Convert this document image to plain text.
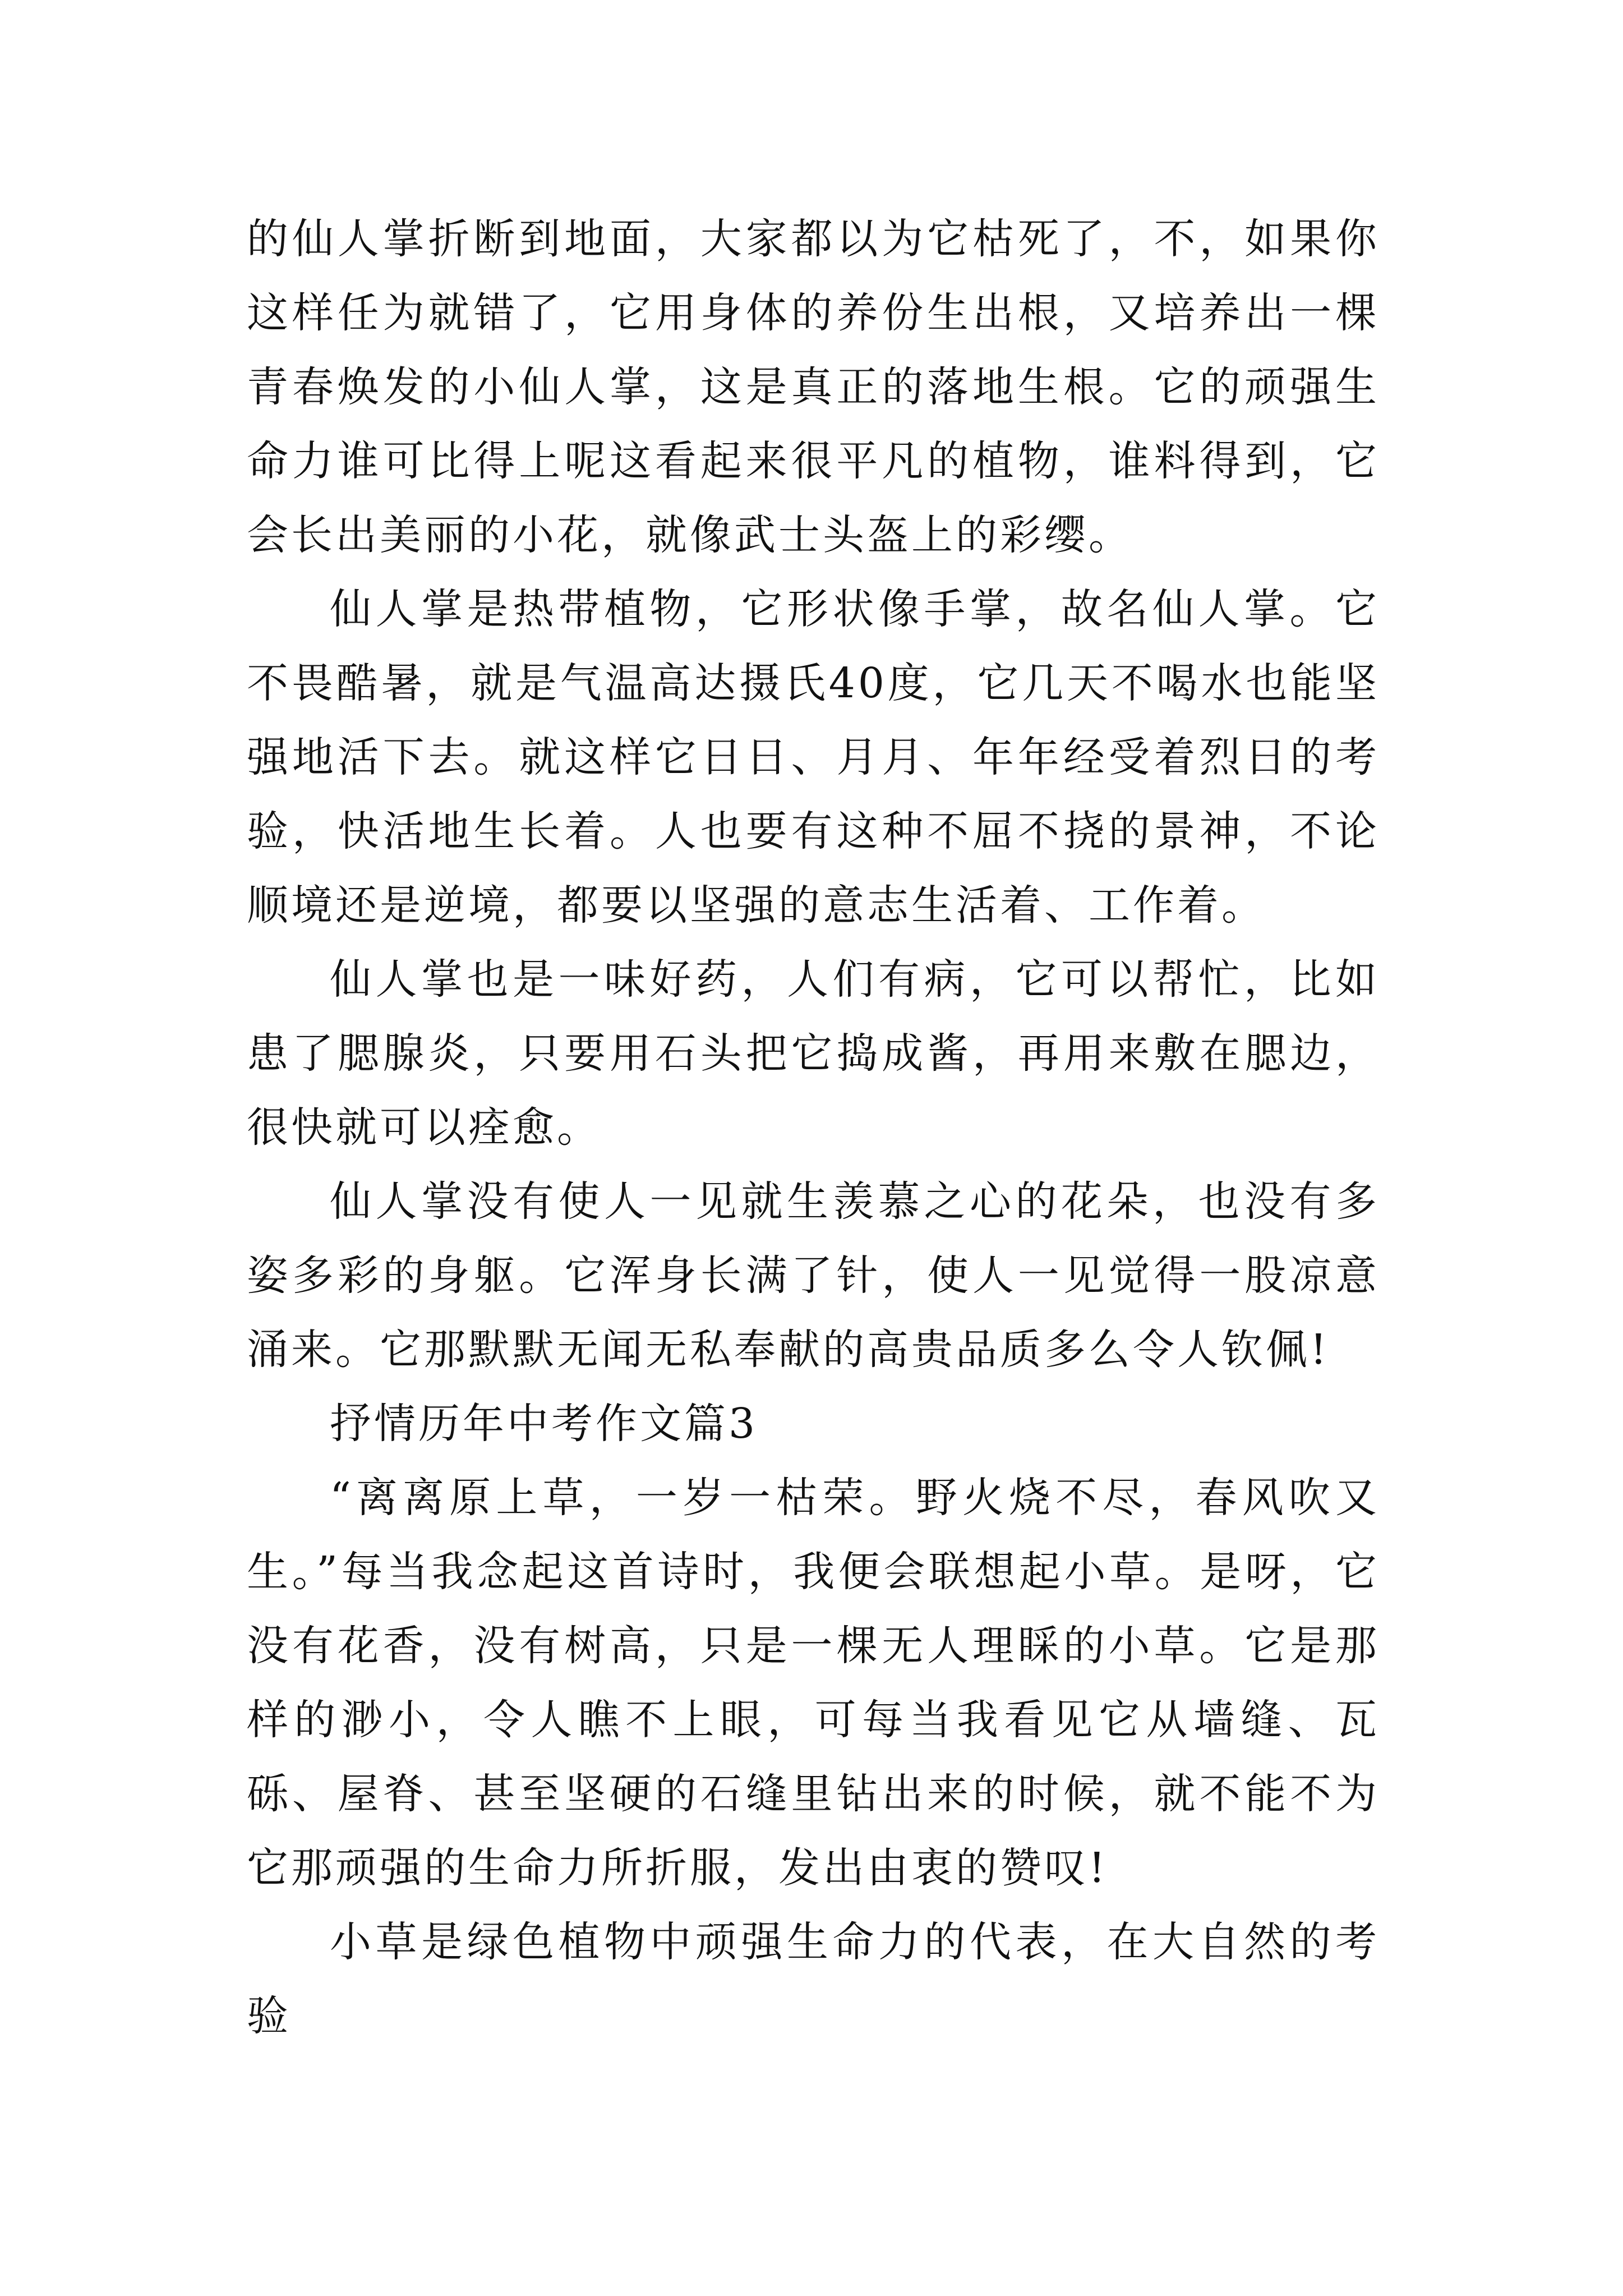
的仙人掌折断到地面，大家都以为它枯死了，不，如果你这样任为就错了，它用身体的养份生出根，又培养出一棵青春焕发的小仙人掌，这是真正的落地生根。它的顽强生命力谁可比得上呢这看起来很平凡的植物，谁料得到，它会长出美丽的小花，就像武士头盔上的彩缨。

仙人掌是热带植物，它形状像手掌，故名仙人掌。它不畏酷暑，就是气温高达摄氏40度，它几天不喝水也能坚强地活下去。就这样它日日、月月、年年经受着烈日的考验，快活地生长着。人也要有这种不屈不挠的景神，不论顺境还是逆境，都要以坚强的意志生活着、工作着。

仙人掌也是一味好药，人们有病，它可以帮忙，比如患了腮腺炎，只要用石头把它捣成酱，再用来敷在腮边，很快就可以痊愈。

仙人掌没有使人一见就生羡慕之心的花朵，也没有多姿多彩的身躯。它浑身长满了针，使人一见觉得一股凉意涌来。它那默默无闻无私奉献的高贵品质多么令人钦佩!

抒情历年中考作文篇3

“离离原上草，一岁一枯荣。野火烧不尽，春风吹又生。”每当我念起这首诗时，我便会联想起小草。是呀，它没有花香，没有树高，只是一棵无人理睬的小草。它是那样的渺小，令人瞧不上眼，可每当我看见它从墙缝、瓦砾、屋脊、甚至坚硬的石缝里钻出来的时候，就不能不为它那顽强的生命力所折服，发出由衷的赞叹!

小草是绿色植物中顽强生命力的代表，在大自然的考验
